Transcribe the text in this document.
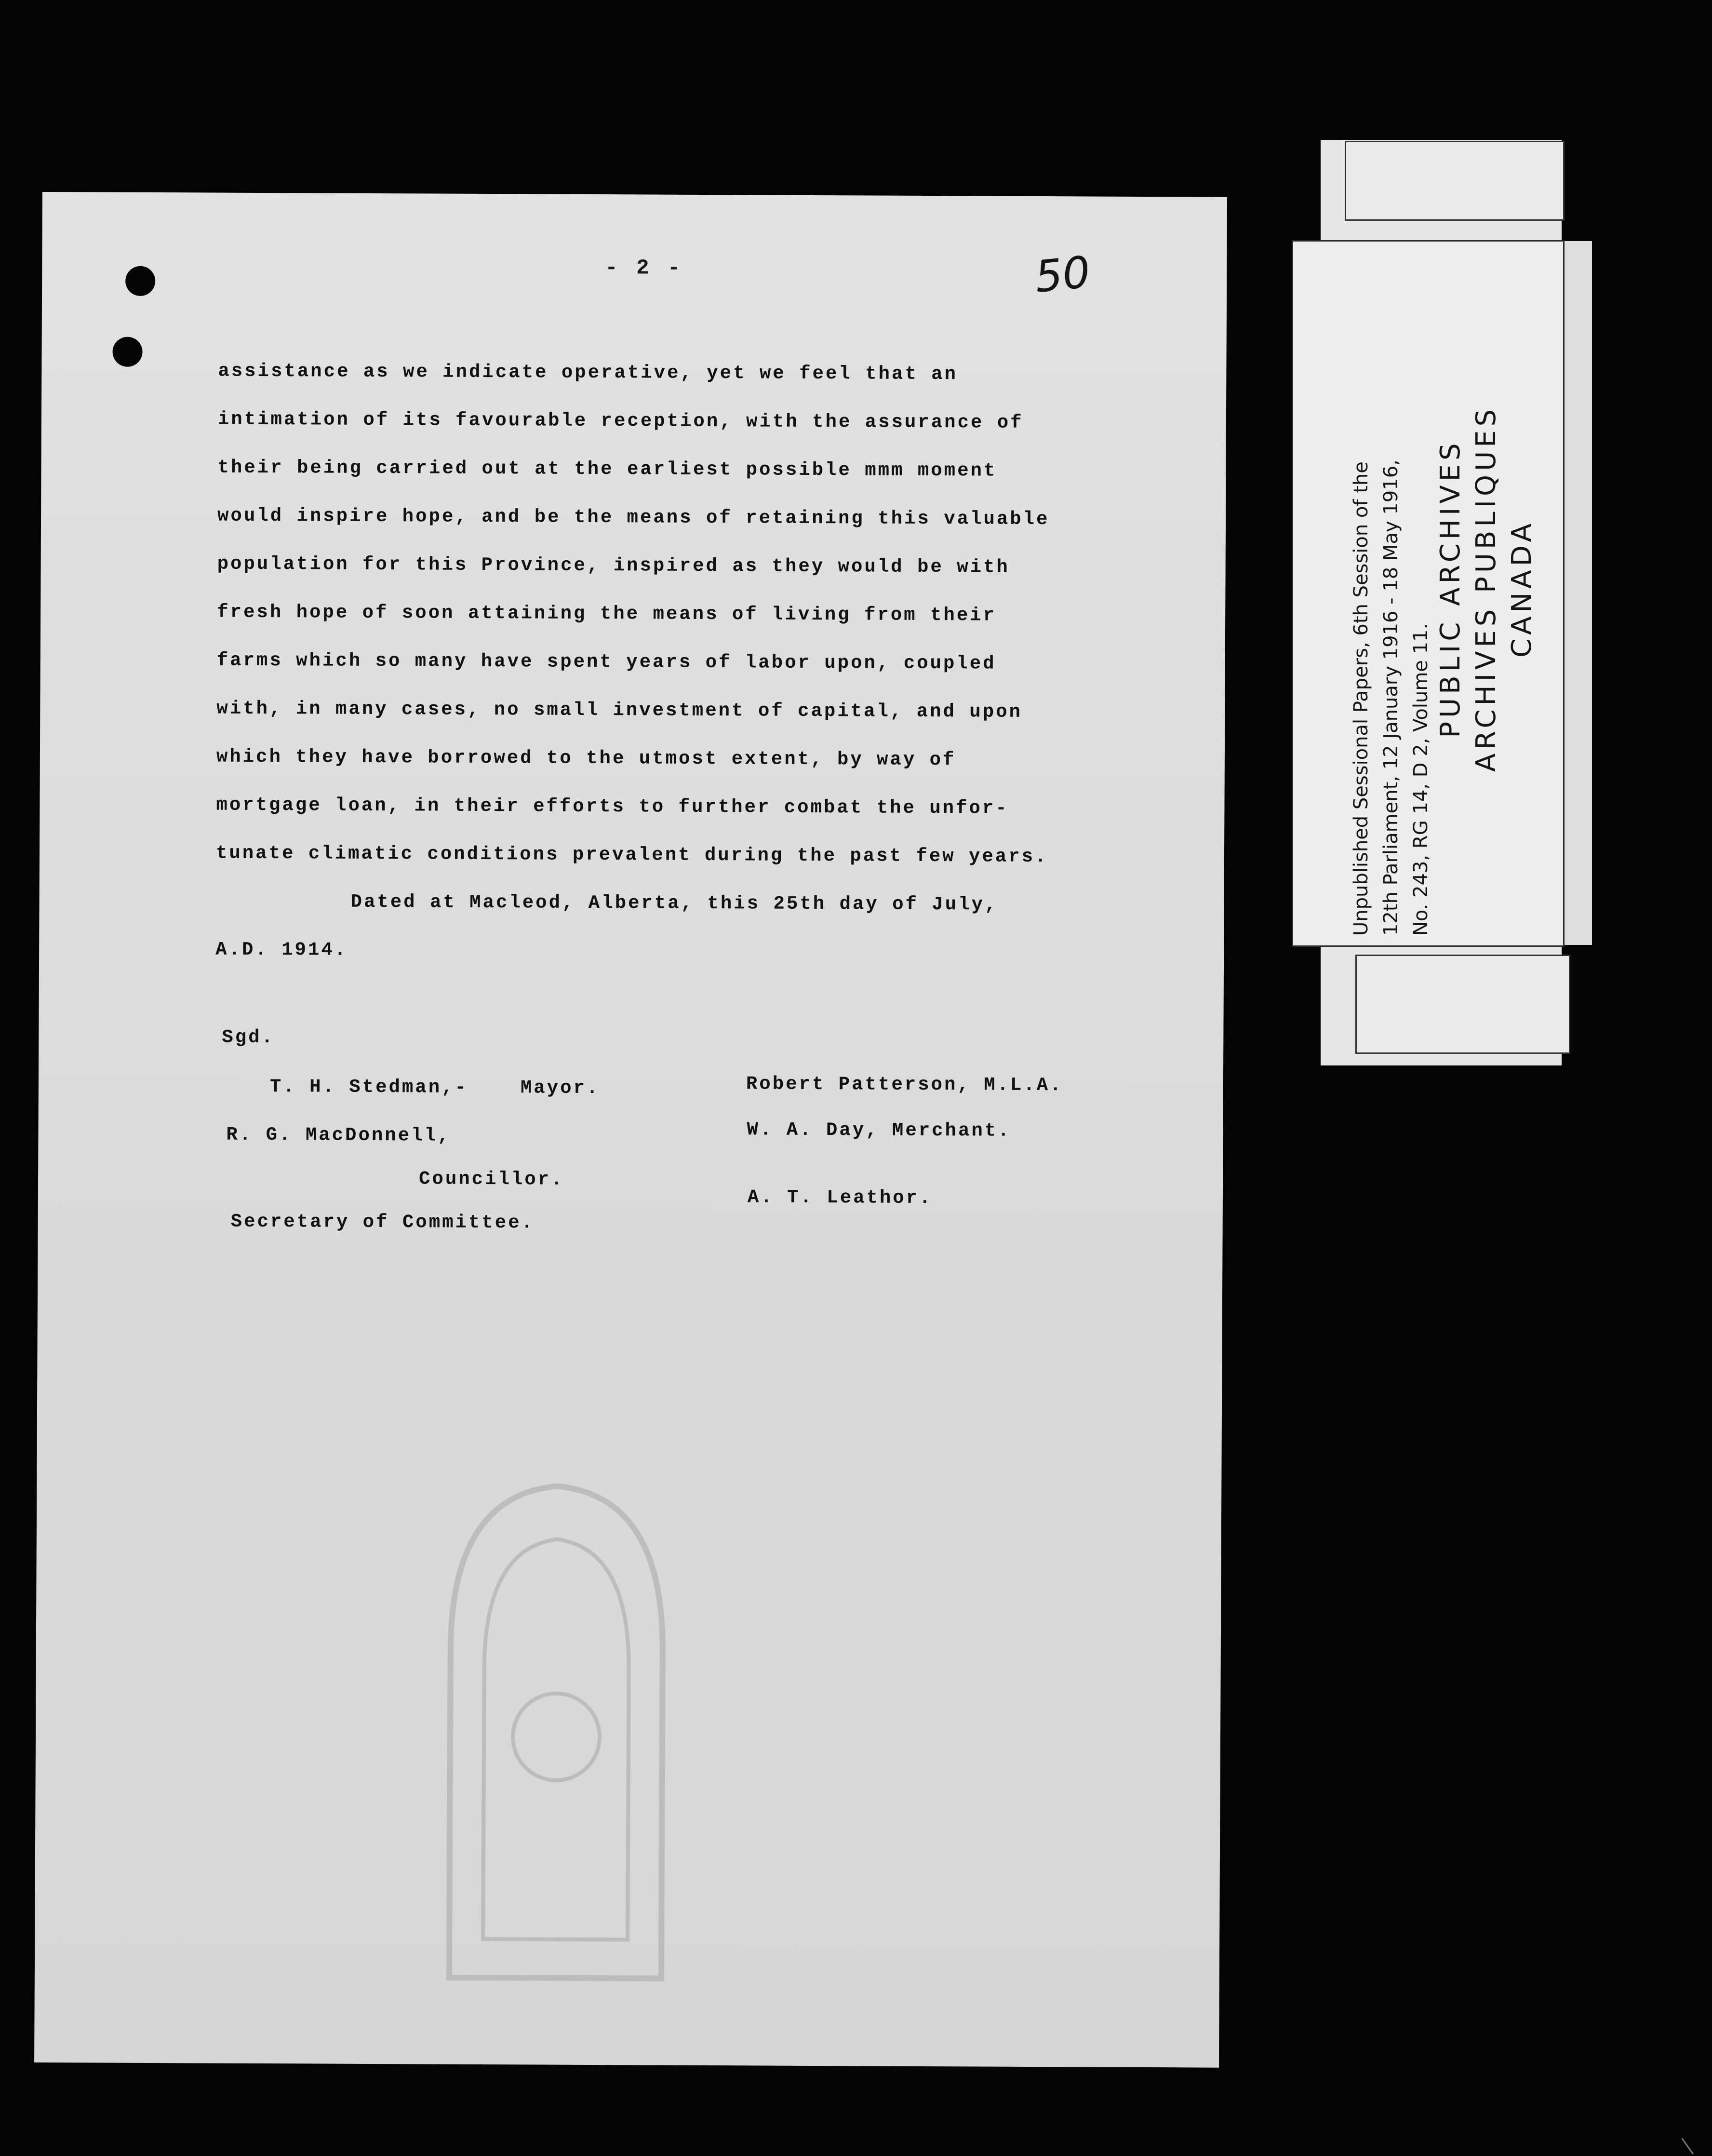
- 2 -	50
assistance as we indicate operative, yet we feel that an
intimation of its favourable reception, with the assurance of
their being carried out at the earliest possible mmm moment
would inspire hope, and be the means of retaining this valuable
population for this Province, inspired as they would be with
fresh hope of soon attaining the means of living from their
farms which so many have spent years of labor upon, coupled
with, in many cases, no small investment of capital, and upon
which they have borrowed to the utmost extent, by way of
mortgage loan, in their efforts to further combat the unfor-
tunate climatic conditions prevalent during the past few years.
Dated at Macleod, Alberta, this 25th day of July,
A.D. 1914.
Sgd.
T. H. Stedman,-	Mayor.
R. G. MacDonnell,
Councillor.
Secretary of Committee.
Robert Patterson, M.L.A.
W. A. Day, Merchant.
A. T. Leathor.
Unpublished Sessional Papers, 6th Session of the 12th Parliament, 12 January 1916 - 18 May 1916, No. 243, RG 14, D 2, Volume 11.
PUBLIC ARCHIVES ARCHIVES PUBLIQUES CANADA
